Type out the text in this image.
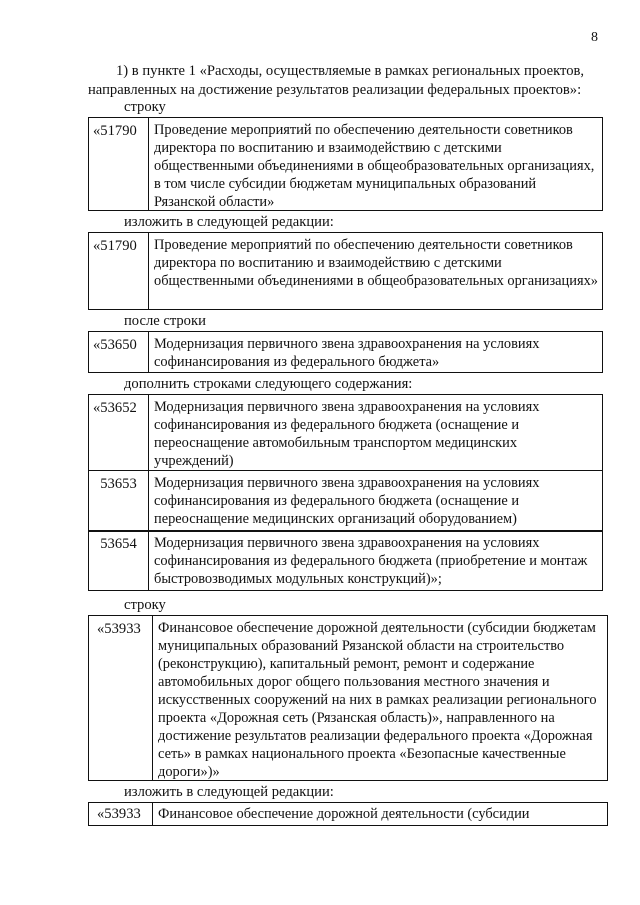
8
1) в пункте 1 «Расходы, осуществляемые в рамках региональных проектов,
направленных на достижение результатов реализации федеральных проектов»:
строку
«51790	Проведение мероприятий по обеспечению деятельности советников директора по воспитанию и взаимодействию с детскими общественными объединениями в общеобразовательных организациях, в том числе субсидии бюджетам муниципальных образований Рязанской области»
изложить в следующей редакции:
«51790	Проведение мероприятий по обеспечению деятельности советников директора по воспитанию и взаимодействию с детскими общественными объединениями в общеобразовательных организациях»
после строки
«53650	Модернизация первичного звена здравоохранения на условиях софинансирования из федерального бюджета»
дополнить строками следующего содержания:
«53652	Модернизация первичного звена здравоохранения на условиях софинансирования из федерального бюджета (оснащение и переоснащение автомобильным транспортом медицинских учреждений)
53653	Модернизация первичного звена здравоохранения на условиях софинансирования из федерального бюджета (оснащение и переоснащение медицинских организаций оборудованием)
53654	Модернизация первичного звена здравоохранения на условиях софинансирования из федерального бюджета (приобретение и монтаж быстровозводимых модульных конструкций)»;
строку
«53933	Финансовое обеспечение дорожной деятельности (субсидии бюджетам муниципальных образований Рязанской области на строительство (реконструкцию), капитальный ремонт, ремонт и содержание автомобильных дорог общего пользования местного значения и искусственных сооружений на них в рамках реализации регионального проекта «Дорожная сеть (Рязанская область)», направленного на достижение результатов реализации федерального проекта «Дорожная сеть» в рамках национального проекта «Безопасные качественные дороги»)»
изложить в следующей редакции:
«53933	Финансовое обеспечение дорожной деятельности (субсидии
